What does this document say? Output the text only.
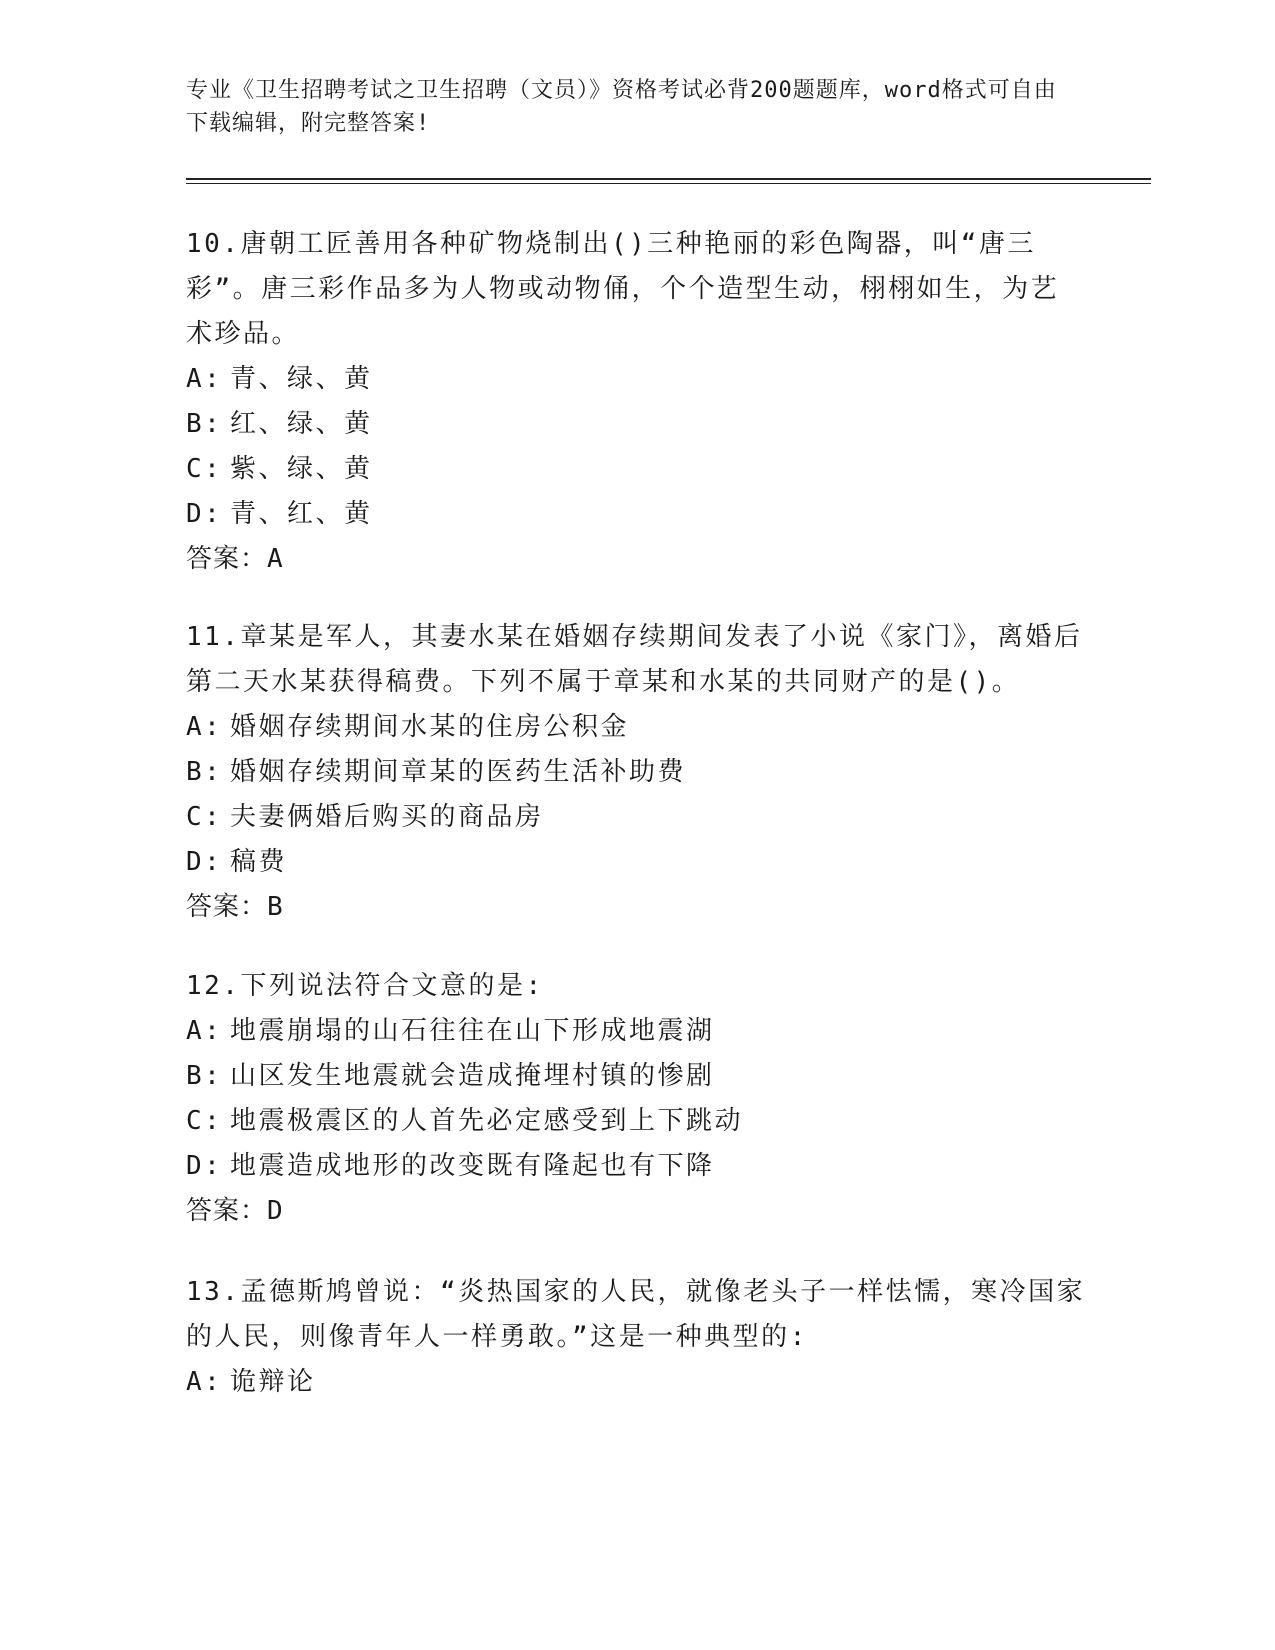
专业《卫生招聘考试之卫生招聘（文员）》资格考试必背200题题库，word格式可自由下载编辑，附完整答案!
10.唐朝工匠善用各种矿物烧制出()三种艳丽的彩色陶器，叫“唐三彩”。唐三彩作品多为人物或动物俑，个个造型生动，栩栩如生，为艺术珍品。
A: 青、绿、黄
B: 红、绿、黄
C: 紫、绿、黄
D: 青、红、黄
答案：A
11.章某是军人，其妻水某在婚姻存续期间发表了小说《家门》，离婚后第二天水某获得稿费。下列不属于章某和水某的共同财产的是()。
A: 婚姻存续期间水某的住房公积金
B: 婚姻存续期间章某的医药生活补助费
C: 夫妻俩婚后购买的商品房
D: 稿费
答案：B
12.下列说法符合文意的是:
A: 地震崩塌的山石往往在山下形成地震湖
B: 山区发生地震就会造成掩埋村镇的惨剧
C: 地震极震区的人首先必定感受到上下跳动
D: 地震造成地形的改变既有隆起也有下降
答案：D
13.孟德斯鸠曾说：“炎热国家的人民，就像老头子一样怯懦，寒冷国家的人民，则像青年人一样勇敢。”这是一种典型的:
A: 诡辩论
